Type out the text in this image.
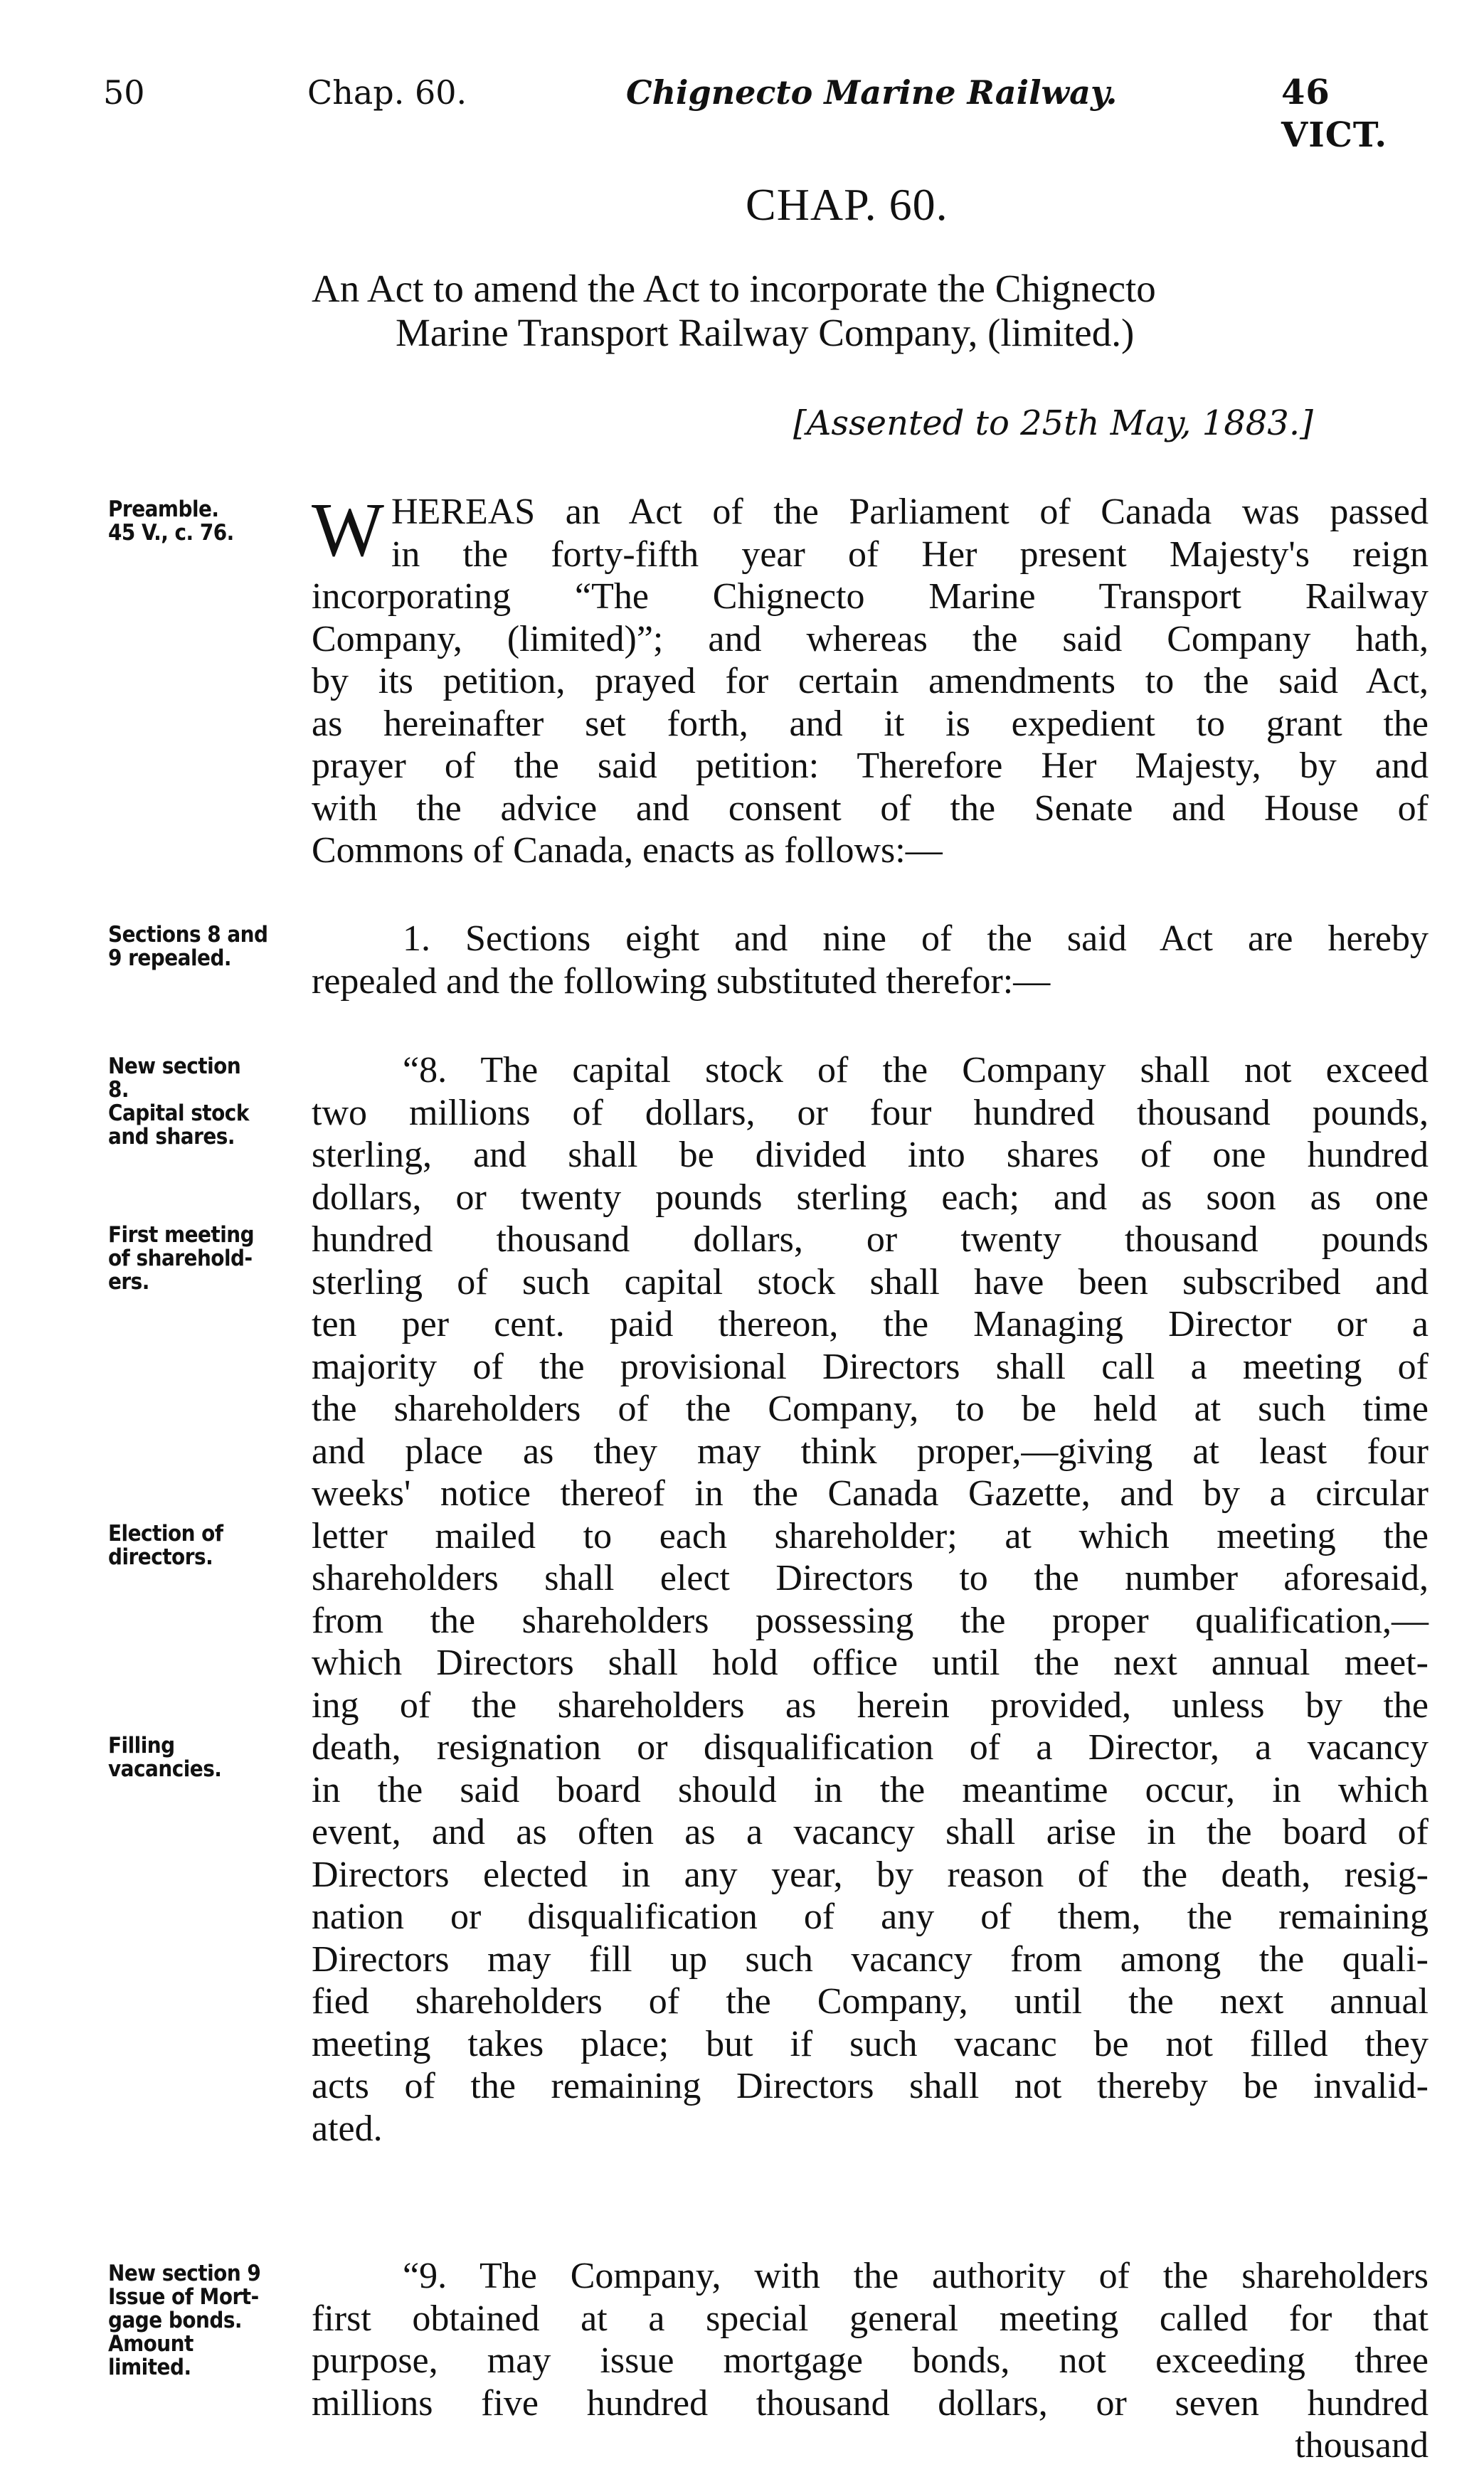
50	Chap. 60.	Chignecto Marine Railway.	46 VICT.
CHAP. 60.
An Act to amend the Act to incorporate the Chignecto
Marine Transport Railway Company, (limited.)
[Assented to 25th May, 1883.]
Preamble.
45 V., c. 76.
Sections 8 and
9 repealed.
New section
8.
Capital stock
and shares.
First meeting
of sharehold-
ers.
Election of
directors.
Filling
vacancies.
New section 9
Issue of Mort-
gage bonds.
Amount
limited.
W HEREAS an Act of the Parliament of Canada was passed
in the forty-fifth year of Her present Majesty's reign
incorporating “The Chignecto Marine Transport Railway
Company, (limited)”; and whereas the said Company hath,
by its petition, prayed for certain amendments to the said Act,
as hereinafter set forth, and it is expedient to grant the
prayer of the said petition: Therefore Her Majesty, by and
with the advice and consent of the Senate and House of
Commons of Canada, enacts as follows:—
1. Sections eight and nine of the said Act are hereby
repealed and the following substituted therefor:—
“8. The capital stock of the Company shall not exceed
two millions of dollars, or four hundred thousand pounds,
sterling, and shall be divided into shares of one hundred
dollars, or twenty pounds sterling each; and as soon as one
hundred thousand dollars, or twenty thousand pounds
sterling of such capital stock shall have been subscribed and
ten per cent. paid thereon, the Managing Director or a
majority of the provisional Directors shall call a meeting of
the shareholders of the Company, to be held at such time
and place as they may think proper,—giving at least four
weeks' notice thereof in the Canada Gazette, and by a circular
letter mailed to each shareholder; at which meeting the
shareholders shall elect Directors to the number aforesaid,
from the shareholders possessing the proper qualification,—
which Directors shall hold office until the next annual meet-
ing of the shareholders as herein provided, unless by the
death, resignation or disqualification of a Director, a vacancy
in the said board should in the meantime occur, in which
event, and as often as a vacancy shall arise in the board of
Directors elected in any year, by reason of the death, resig-
nation or disqualification of any of them, the remaining
Directors may fill up such vacancy from among the quali-
fied shareholders of the Company, until the next annual
meeting takes place; but if such vacanc be not filled they
acts of the remaining Directors shall not thereby be invalid-
ated.
“9. The Company, with the authority of the shareholders
first obtained at a special general meeting called for that
purpose, may issue mortgage bonds, not exceeding three
millions five hundred thousand dollars, or seven hundred
thousand
